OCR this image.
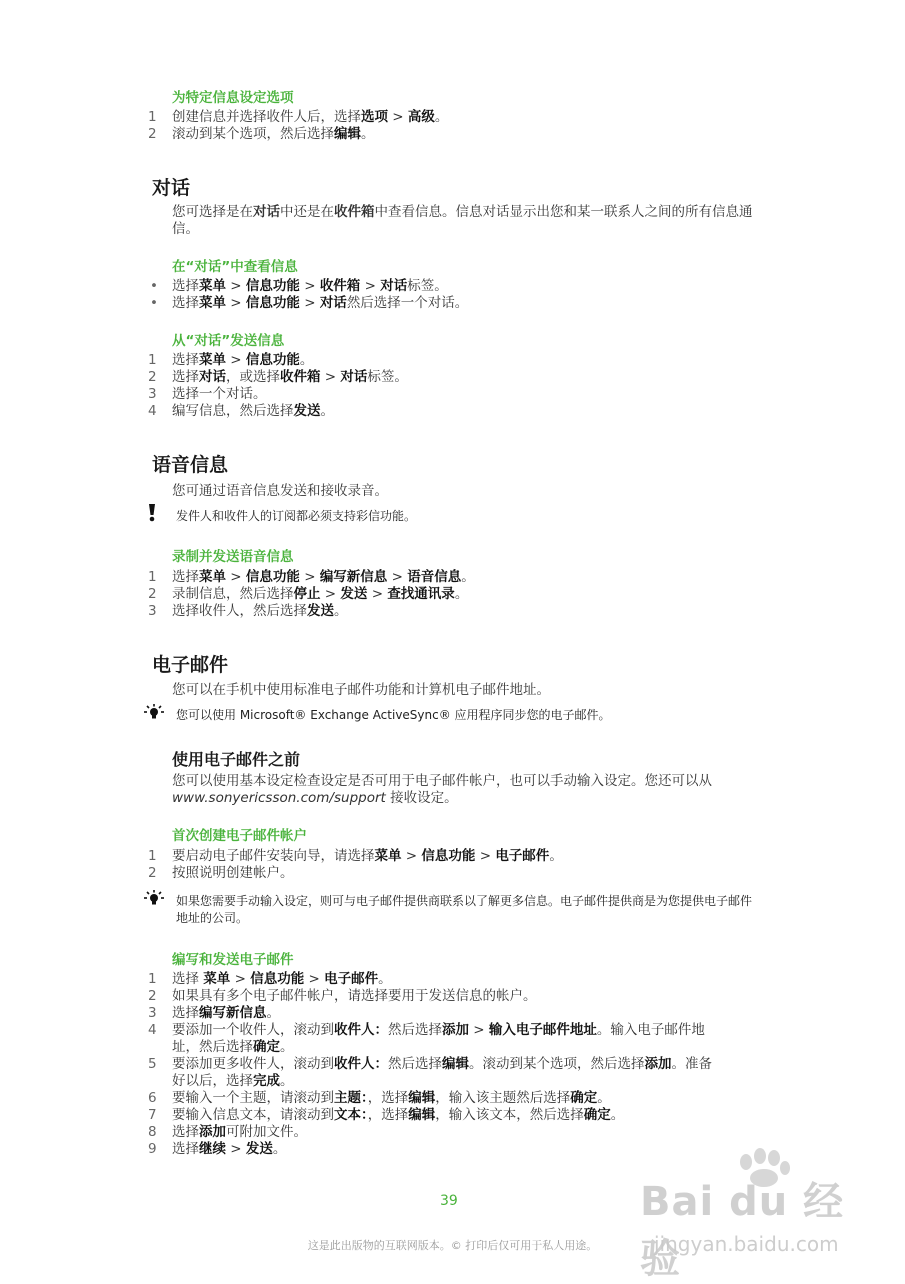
为特定信息设定选项
1	创建信息并选择收件人后，选择选项 > 高级。
2	滚动到某个选项，然后选择编辑。
对话
您可选择是在对话中还是在收件箱中查看信息。信息对话显示出您和某一联系人之间的所有信息通信。
在“对话”中查看信息
•	选择菜单 > 信息功能 > 收件箱 > 对话标签。
•	选择菜单 > 信息功能 > 对话然后选择一个对话。
从“对话”发送信息
1	选择菜单 > 信息功能。
2	选择对话，或选择收件箱 > 对话标签。
3	选择一个对话。
4	编写信息，然后选择发送。
语音信息
您可通过语音信息发送和接收录音。
发件人和收件人的订阅都必须支持彩信功能。
录制并发送语音信息
1	选择菜单 > 信息功能 > 编写新信息 > 语音信息。
2	录制信息，然后选择停止 > 发送 > 查找通讯录。
3	选择收件人，然后选择发送。
电子邮件
您可以在手机中使用标准电子邮件功能和计算机电子邮件地址。
您可以使用 Microsoft® Exchange ActiveSync® 应用程序同步您的电子邮件。
使用电子邮件之前
您可以使用基本设定检查设定是否可用于电子邮件帐户，也可以手动输入设定。您还可以从www.sonyericsson.com/support 接收设定。
首次创建电子邮件帐户
1	要启动电子邮件安装向导，请选择菜单 > 信息功能 > 电子邮件。
2	按照说明创建帐户。
如果您需要手动输入设定，则可与电子邮件提供商联系以了解更多信息。电子邮件提供商是为您提供电子邮件地址的公司。
编写和发送电子邮件
1	选择 菜单 > 信息功能 > 电子邮件。
2	如果具有多个电子邮件帐户，请选择要用于发送信息的帐户。
3	选择编写新信息。
4	要添加一个收件人，滚动到收件人：然后选择添加 > 输入电子邮件地址。输入电子邮件地址，然后选择确定。
5	要添加更多收件人，滚动到收件人：然后选择编辑。滚动到某个选项，然后选择添加。准备好以后，选择完成。
6	要输入一个主题，请滚动到主题：，选择编辑，输入该主题然后选择确定。
7	要输入信息文本，请滚动到文本：，选择编辑，输入该文本，然后选择确定。
8	选择添加可附加文件。
9	选择继续 > 发送。
39
这是此出版物的互联网版本。© 打印后仅可用于私人用途。
Bai du 经验
jingyan.baidu.com
